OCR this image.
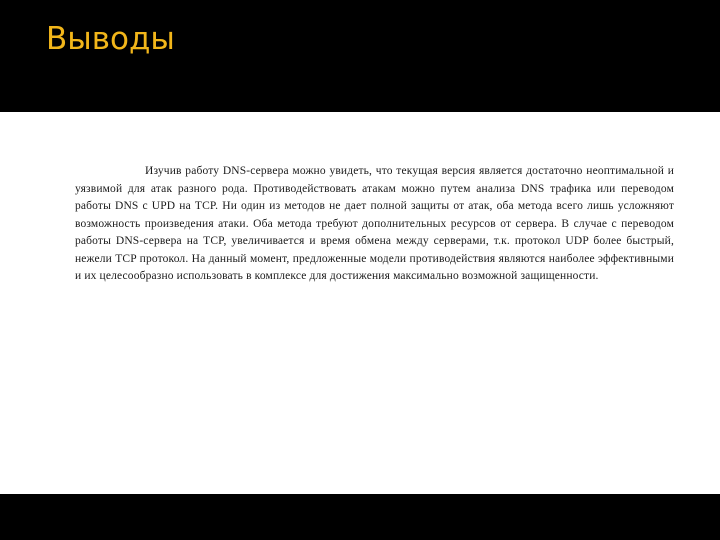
Выводы

Изучив работу DNS-сервера можно увидеть, что текущая версия является достаточно неоптимальной и уязвимой для атак разного рода. Противодействовать атакам можно путем анализа DNS трафика или переводом работы DNS с UPD на TCP. Ни один из методов не дает полной защиты от атак, оба метода всего лишь усложняют возможность произведения атаки. Оба метода требуют дополнительных ресурсов от сервера. В случае с переводом работы DNS-сервера на TCP, увеличивается и время обмена между серверами, т.к. протокол UDP более быстрый, нежели TCP протокол. На данный момент, предложенные модели противодействия являются наиболее эффективными и их целесообразно использовать в комплексе для достижения максимально возможной защищенности.
